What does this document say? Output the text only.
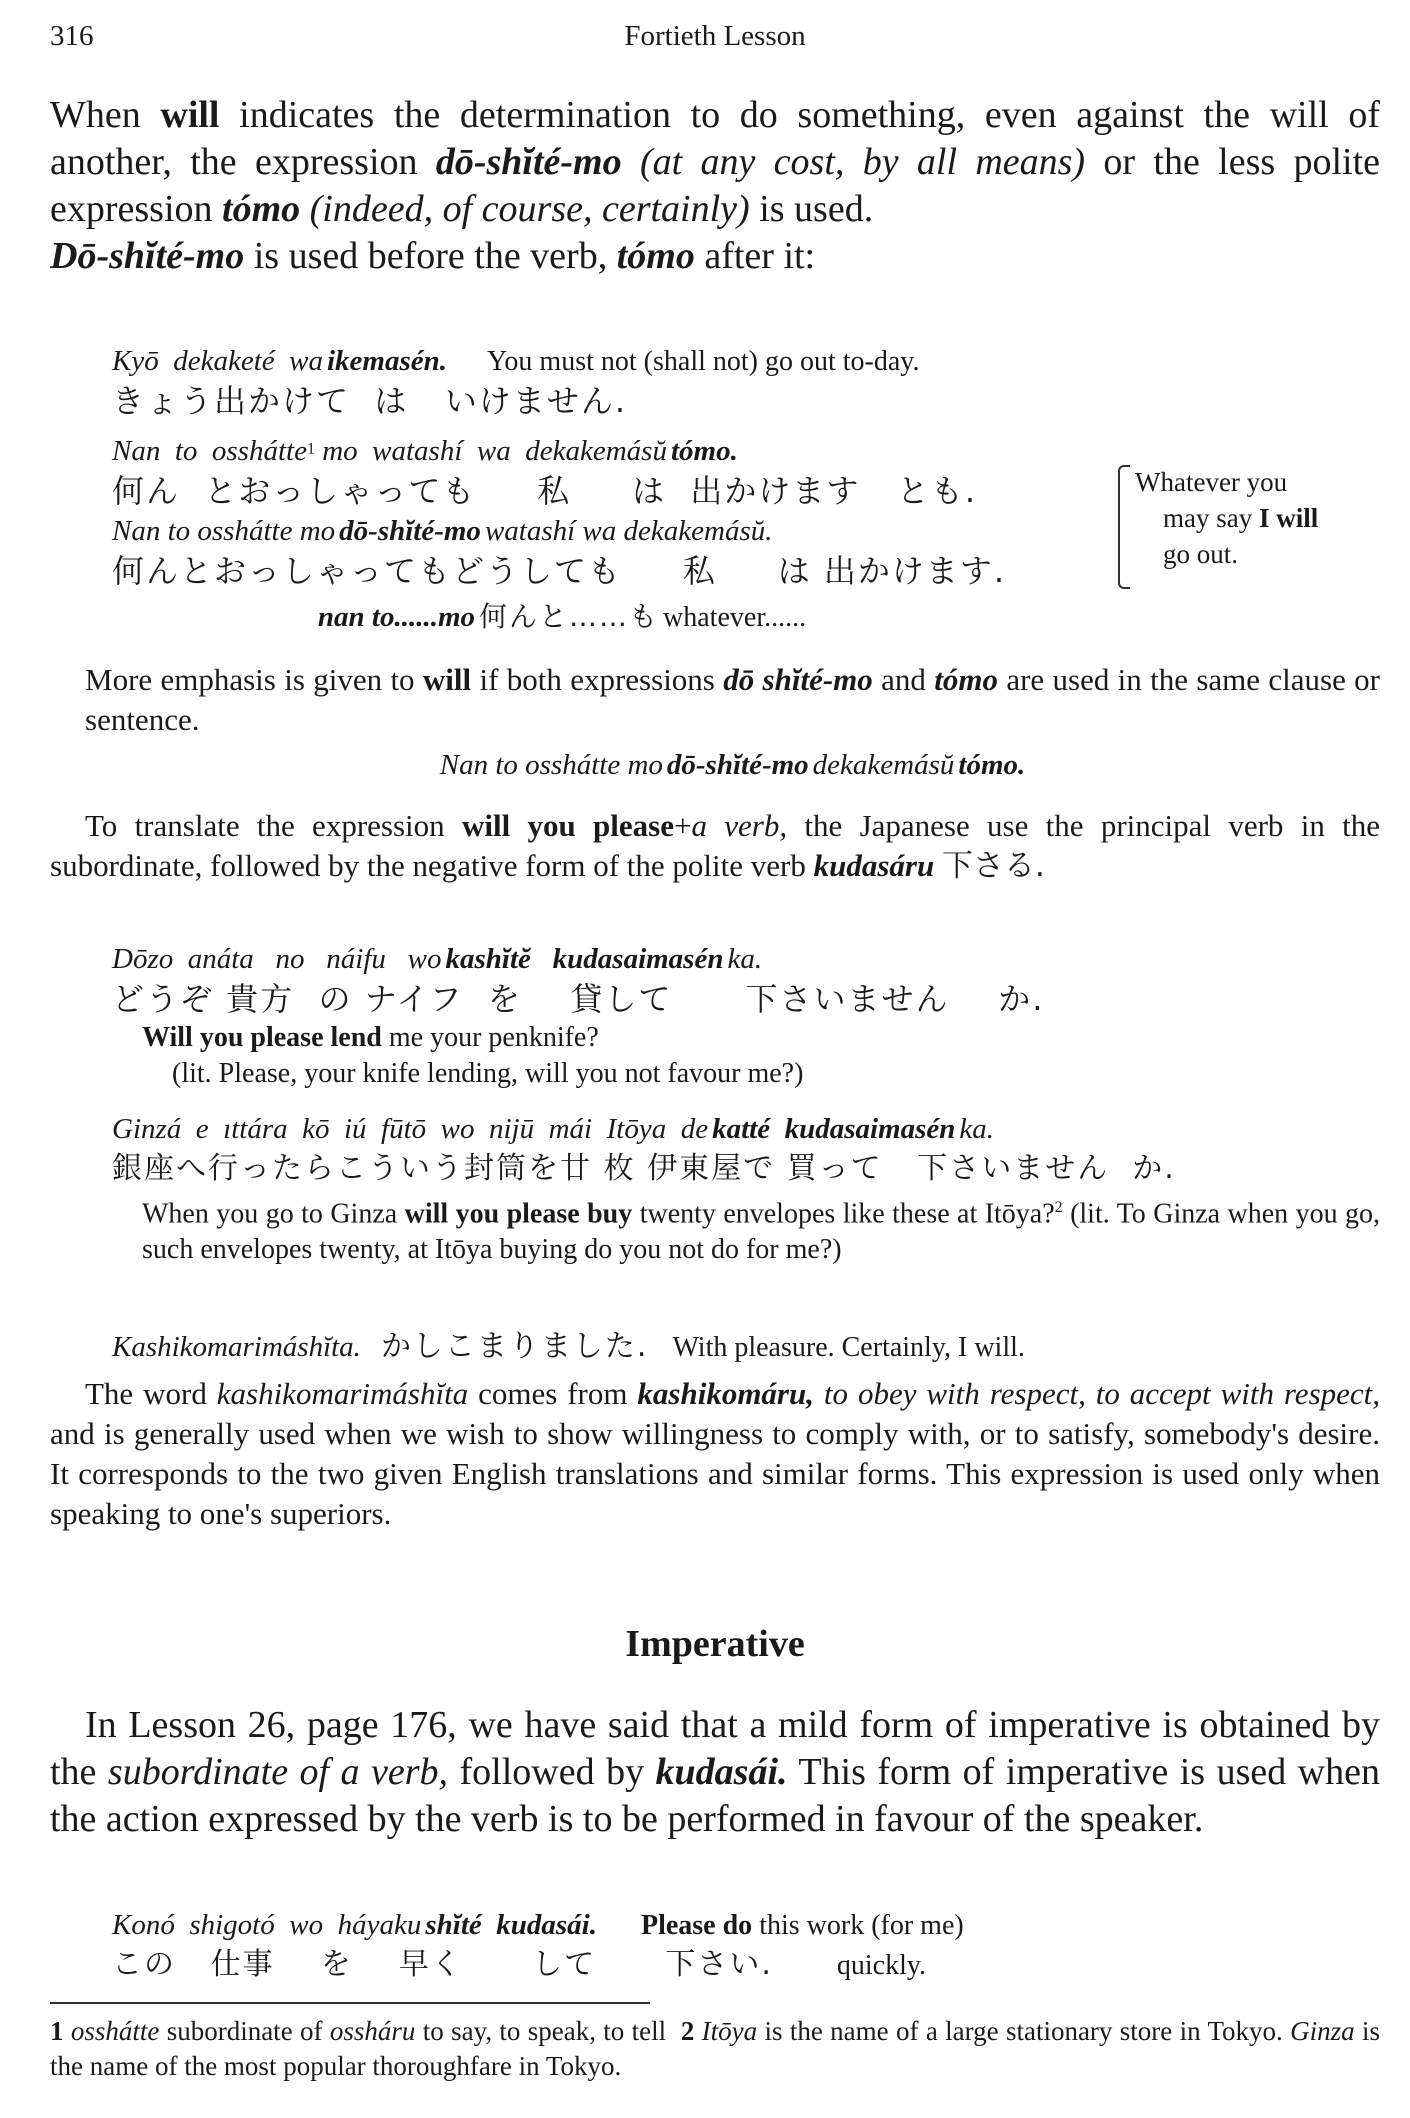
316	Fortieth Lesson

When will indicates the determination to do something, even against the will of another, the expression dō-shĭté-mo (at any cost, by all means) or the less polite expression tómo (indeed, of course, certainly) is used.

Dō-shĭté-mo is used before the verb, tómo after it:

Kyō  dekaketé  wa ikemasén. You must not (shall not) go out to-day.
きょう出かけて  は   いけません.
Nan  to  osshátte$^1$ mo  watashí  wa  dekakemásŭ tómo.
何ん  とおっしゃっても     私     は  出かけます   とも.
Nan to osshátte mo dō-shĭté-mo watashí wa dekakemásŭ.
何んとおっしゃってもどうしても     私     は 出かけます.
nan to......mo 何んと……も whatever......
Whatever you
may say I will
go out.

More emphasis is given to will if both expressions dō shĭté-mo and tómo are used in the same clause or sentence.

Nan to osshátte mo dō-shĭté-mo dekakemásŭ tómo.

To translate the expression will you please+a verb, the Japanese use the principal verb in the subordinate, followed by the negative form of the polite verb kudasáru 下さる.

Dōzo  anáta   no   náifu   wo kashĭtĕ   kudasaimasén ka.
どうぞ 貴方  の ナイフ  を    貸して      下さいません    か.
Will you please lend me your penknife?
(lit. Please, your knife lending, will you not favour me?)
Ginzá  e  ıttára  kō  iú  fūtō  wo  nijū  mái  Itōya  de katté  kudasaimasén ka.
銀座へ行ったらこういう封筒を廿 枚 伊東屋で 買って   下さいません  か.

When you go to Ginza will you please buy twenty envelopes like these at Itōya?$^2$ (lit. To Ginza when you go, such envelopes twenty, at Itōya buying do you not do for me?)

Kashikomarimáshĭta. かしこまりました. With pleasure. Certainly, I will.

The word kashikomarimáshĭta comes from kashikomáru, to obey with respect, to accept with respect, and is generally used when we wish to show willingness to comply with, or to satisfy, somebody's desire. It corresponds to the two given English translations and similar forms. This expression is used only when speaking to one's superiors.

Imperative

In Lesson 26, page 176, we have said that a mild form of imperative is obtained by the subordinate of a verb, followed by kudasái. This form of imperative is used when the action expressed by the verb is to be performed in favour of the speaker.

Konó  shigotó  wo  háyaku shĭté  kudasái. Please do this work (for me)
この   仕事    を    早く      して      下さい. quickly.

1 osshátte subordinate of ossháru to say, to speak, to tell 2 Itōya is the name of a large stationary store in Tokyo. Ginza is the name of the most popular thoroughfare in Tokyo.
